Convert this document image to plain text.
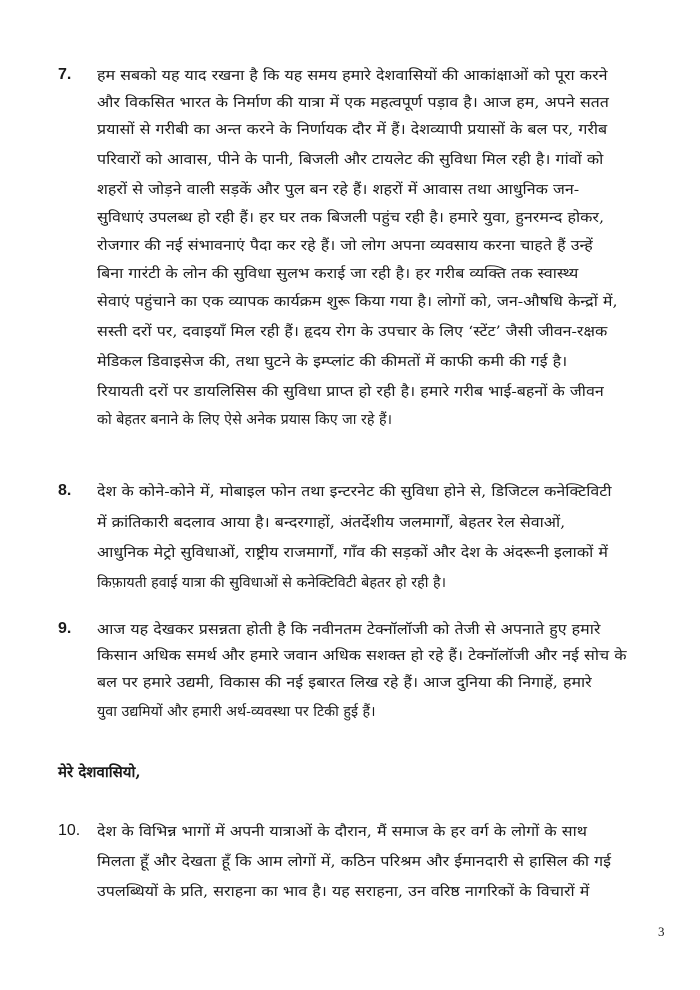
7. हम सबको यह याद रखना है कि यह समय हमारे देशवासियों की आकांक्षाओं को पूरा करने
और विकसित भारत के निर्माण की यात्रा में एक महत्वपूर्ण पड़ाव है। आज हम, अपने सतत
प्रयासों से गरीबी का अन्त करने के निर्णायक दौर में हैं। देशव्यापी प्रयासों के बल पर, गरीब
परिवारों को आवास, पीने के पानी, बिजली और टायलेट की सुविधा मिल रही है। गांवों को
शहरों से जोड़ने वाली सड़कें और पुल बन रहे हैं। शहरों में आवास तथा आधुनिक जन-
सुविधाएं उपलब्ध हो रही हैं। हर घर तक बिजली पहुंच रही है। हमारे युवा, हुनरमन्द होकर,
रोजगार की नई संभावनाएं पैदा कर रहे हैं। जो लोग अपना व्यवसाय करना चाहते हैं उन्हें
बिना गारंटी के लोन की सुविधा सुलभ कराई जा रही है। हर गरीब व्यक्ति तक स्वास्थ्य
सेवाएं पहुंचाने का एक व्यापक कार्यक्रम शुरू किया गया है। लोगों को, जन-औषधि केन्द्रों में,
सस्ती दरों पर, दवाइयाँ मिल रही हैं। हृदय रोग के उपचार के लिए ‘स्टेंट’ जैसी जीवन-रक्षक
मेडिकल डिवाइसेज की, तथा घुटने के इम्प्लांट की कीमतों में काफी कमी की गई है।
रियायती दरों पर डायलिसिस की सुविधा प्राप्त हो रही है। हमारे गरीब भाई-बहनों के जीवन
को बेहतर बनाने के लिए ऐसे अनेक प्रयास किए जा रहे हैं।
8. देश के कोने-कोने में, मोबाइल फोन तथा इन्टरनेट की सुविधा होने से, डिजिटल कनेक्टिविटी
में क्रांतिकारी बदलाव आया है। बन्दरगाहों, अंतर्देशीय जलमार्गों, बेहतर रेल सेवाओं,
आधुनिक मेट्रो सुविधाओं, राष्ट्रीय राजमार्गों, गाँव की सड़कों और देश के अंदरूनी इलाकों में
किफ़ायती हवाई यात्रा की सुविधाओं से कनेक्टिविटी बेहतर हो रही है।
9. आज यह देखकर प्रसन्नता होती है कि नवीनतम टेक्नॉलॉजी को तेजी से अपनाते हुए हमारे
किसान अधिक समर्थ और हमारे जवान अधिक सशक्त हो रहे हैं। टेक्नॉलॉजी और नई सोच के
बल पर हमारे उद्यमी, विकास की नई इबारत लिख रहे हैं। आज दुनिया की निगाहें, हमारे
युवा उद्यमियों और हमारी अर्थ-व्यवस्था पर टिकी हुई हैं।
मेरे देशवासियो,
10. देश के विभिन्न भागों में अपनी यात्राओं के दौरान, मैं समाज के हर वर्ग के लोगों के साथ
मिलता हूँ और देखता हूँ कि आम लोगों में, कठिन परिश्रम और ईमानदारी से हासिल की गई
उपलब्धियों के प्रति, सराहना का भाव है। यह सराहना, उन वरिष्ठ नागरिकों के विचारों में
3
